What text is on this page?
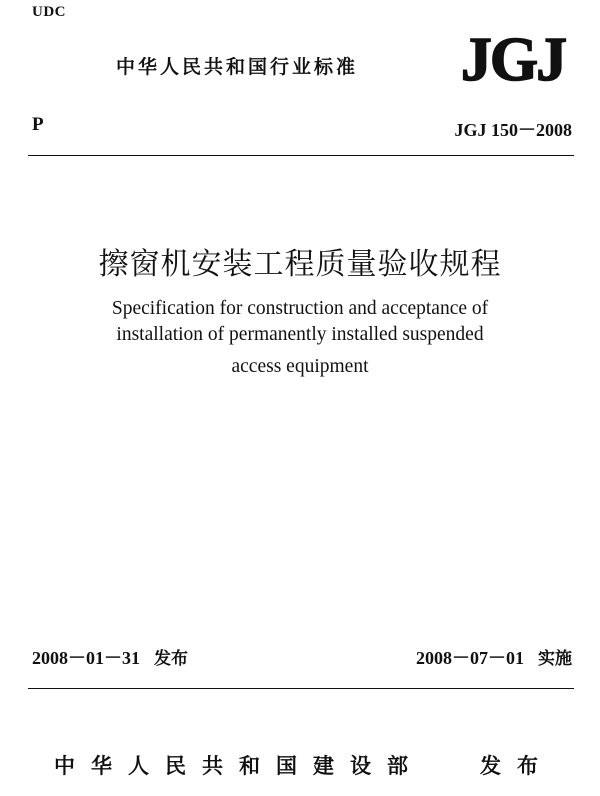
UDC
中华人民共和国行业标准 JGJ
P	JGJ 150－2008
擦窗机安装工程质量验收规程
Specification for construction and acceptance of
installation of permanently installed suspended
access equipment
2008－01－31 发布	2008－07－01 实施
中华人民共和国建设部	发布
